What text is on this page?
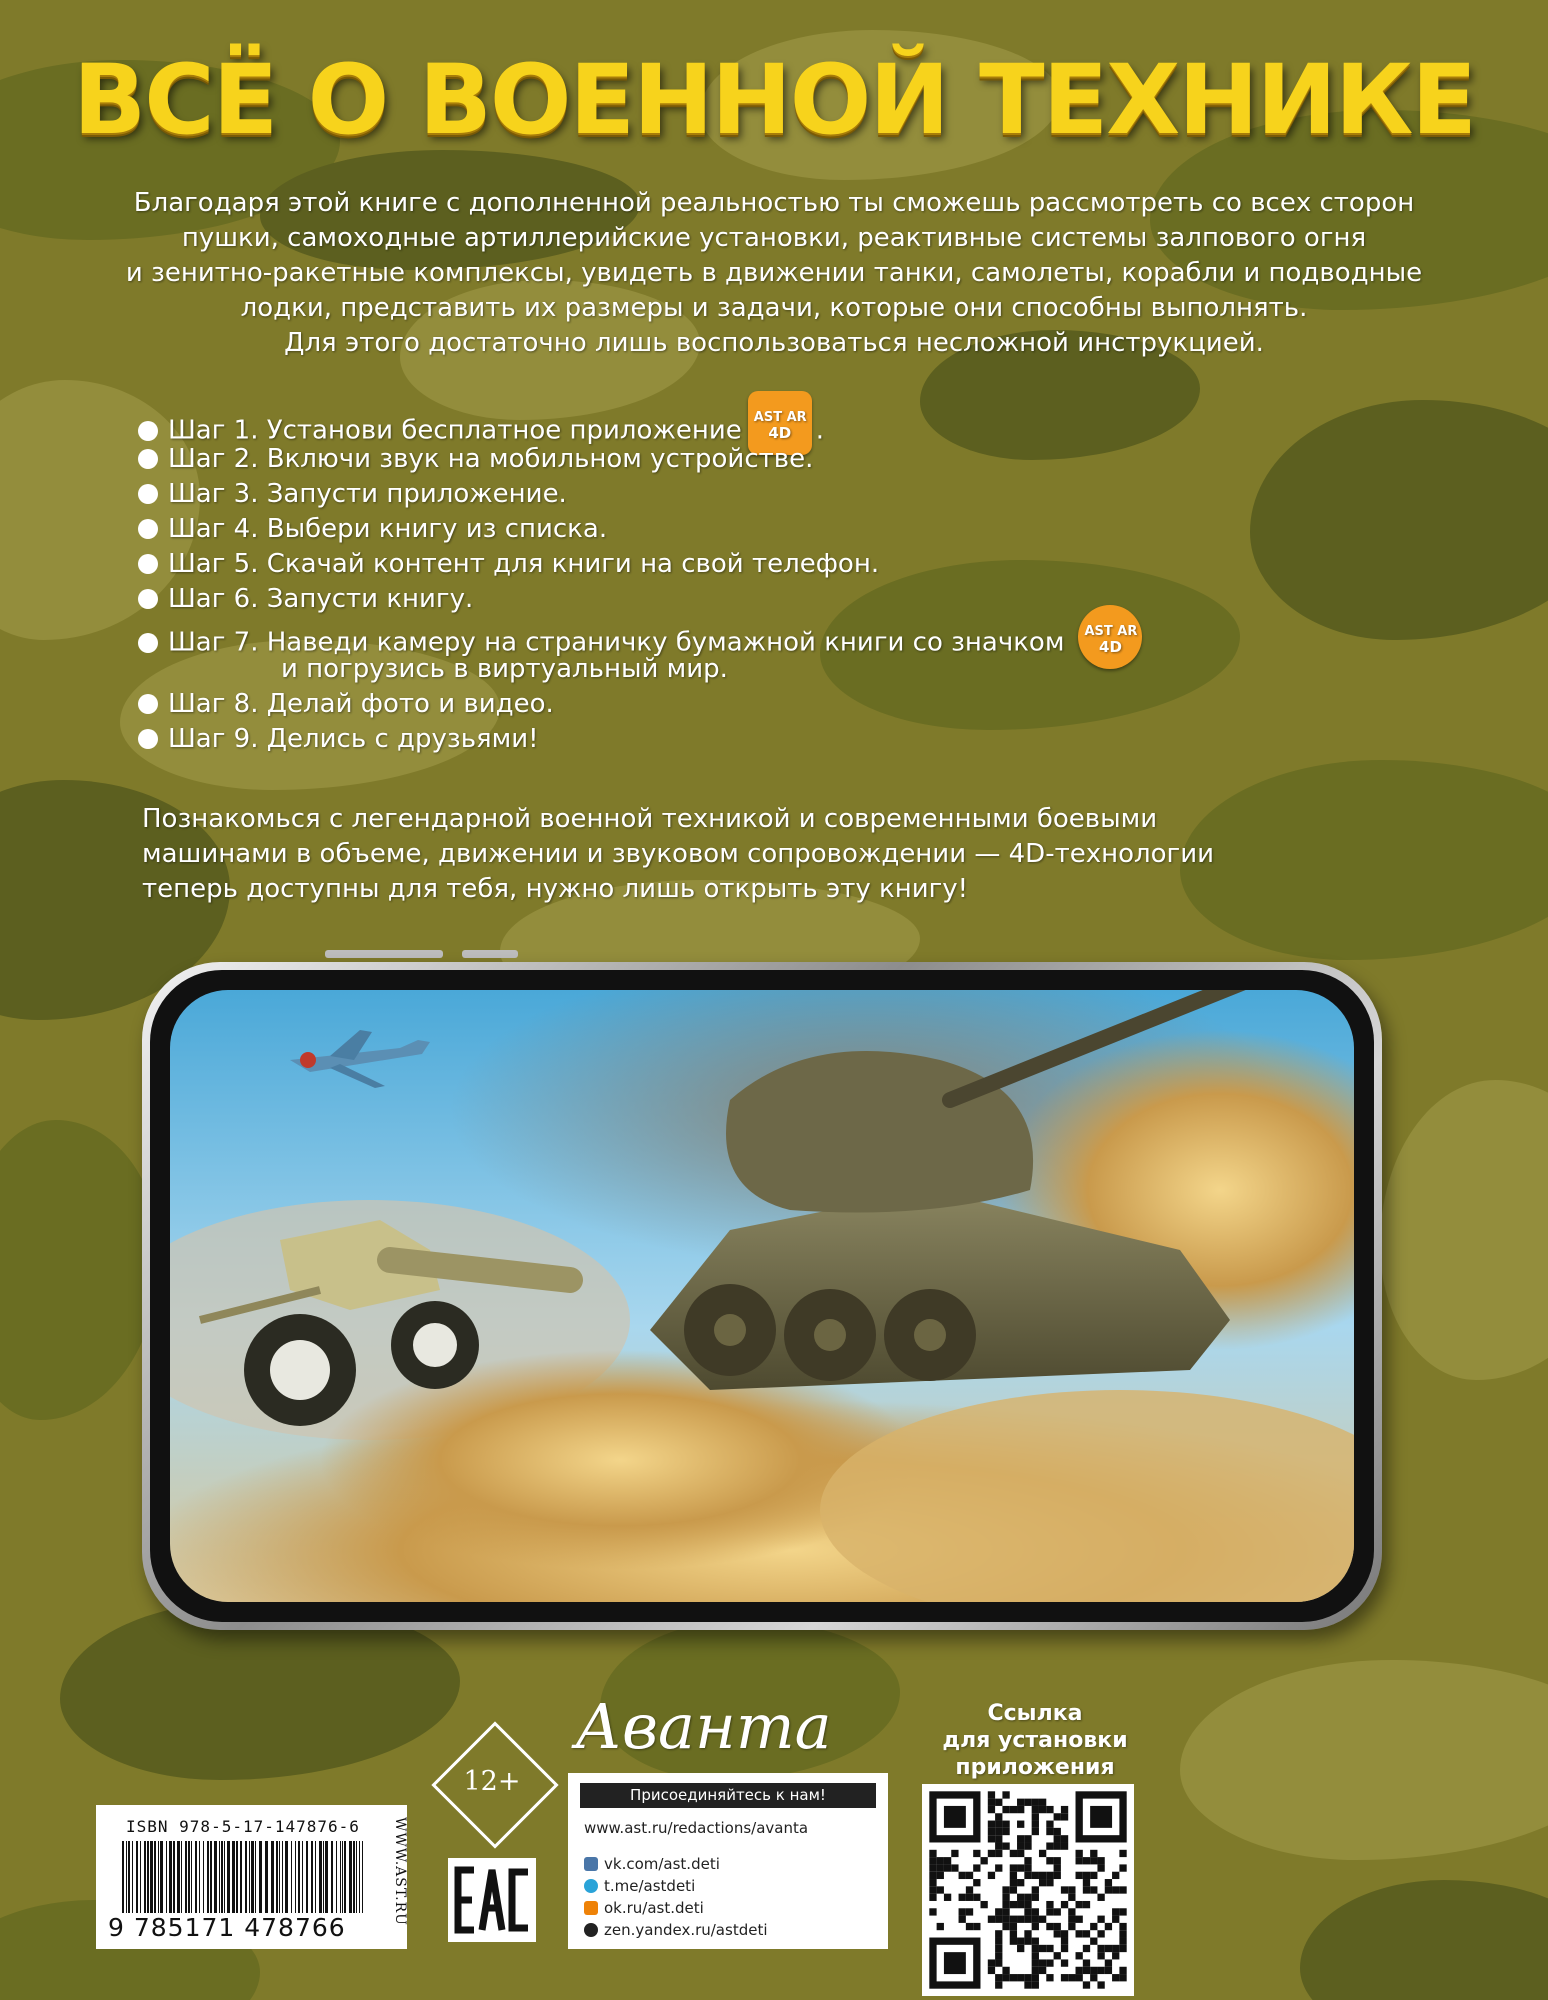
ВСЁ О ВОЕННОЙ ТЕХНИКЕ
Благодаря этой книге с дополненной реальностью ты сможешь рассмотреть со всех сторон
пушки, самоходные артиллерийские установки, реактивные системы залпового огня
и зенитно-ракетные комплексы, увидеть в движении танки, самолеты, корабли и подводные
лодки, представить их размеры и задачи, которые они способны выполнять.
Для этого достаточно лишь воспользоваться несложной инструкцией.
Шаг 1. Установи бесплатное приложение AST AR
4D .
Шаг 2. Включи звук на мобильном устройстве.
Шаг 3. Запусти приложение.
Шаг 4. Выбери книгу из списка.
Шаг 5. Скачай контент для книги на свой телефон.
Шаг 6. Запусти книгу.
Шаг 7. Наведи камеру на страничку бумажной книги со значком AST AR
4D
и погрузись в виртуальный мир.
Шаг 8. Делай фото и видео.
Шаг 9. Делись с друзьями!
Познакомься с легендарной военной техникой и современными боевыми
машинами в объеме, движении и звуковом сопровождении — 4D-технологии
теперь доступны для тебя, нужно лишь открыть эту книгу!
Аванта
12+
ISBN 978-5-17-147876-6
9 785171 478766
WWW.AST.RU
Присоединяйтесь к нам!
www.ast.ru/redactions/avanta
vk.com/ast.deti
t.me/astdeti
ok.ru/ast.deti
zen.yandex.ru/astdeti
Ссылка
для установки
приложения
